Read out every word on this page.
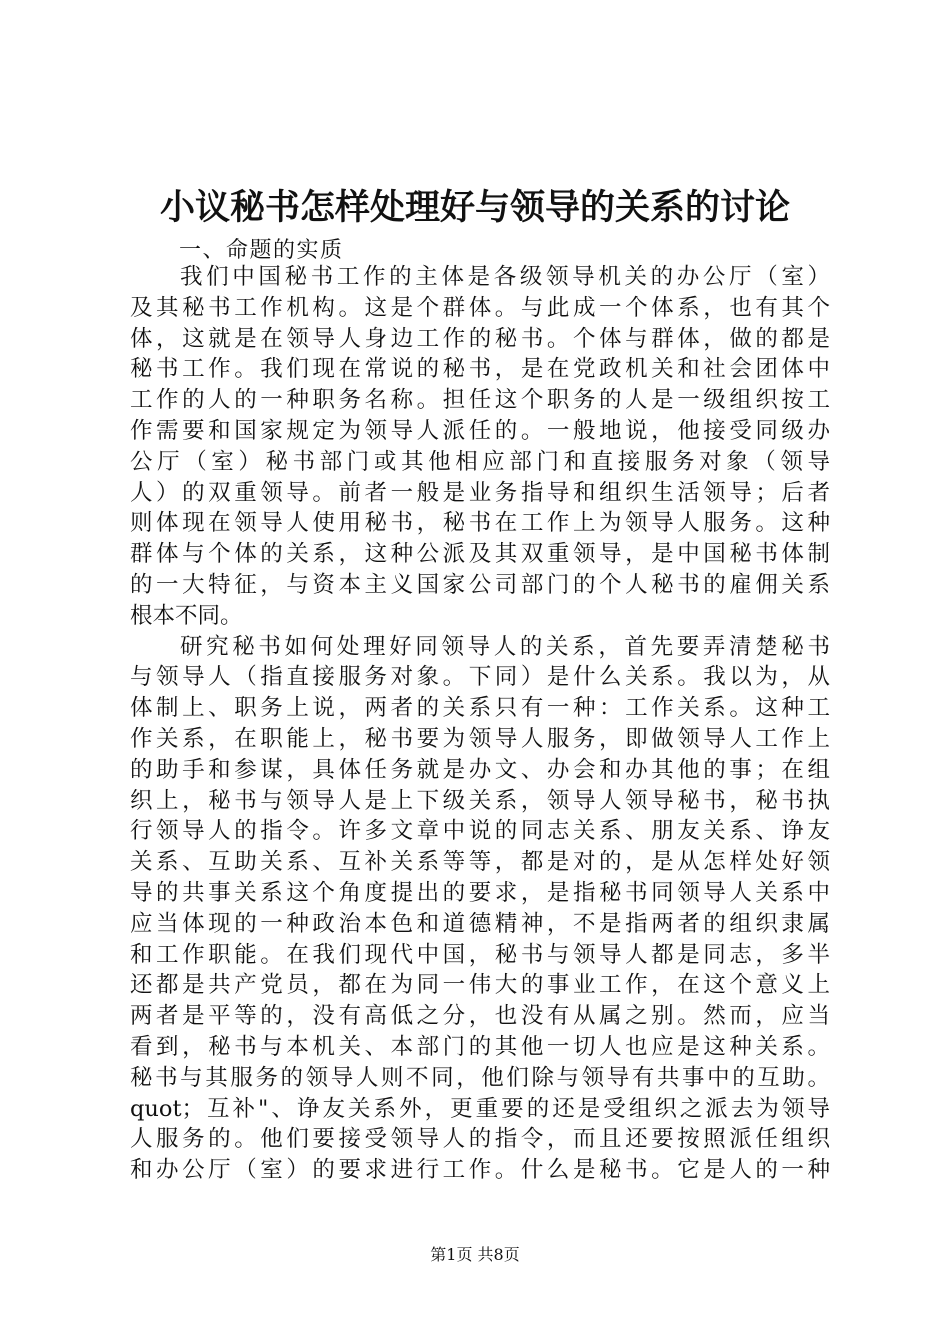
小议秘书怎样处理好与领导的关系的讨论
一、命题的实质
我们中国秘书工作的主体是各级领导机关的办公厅（室）
及其秘书工作机构。这是个群体。与此成一个体系，也有其个
体，这就是在领导人身边工作的秘书。个体与群体，做的都是
秘书工作。我们现在常说的秘书，是在党政机关和社会团体中
工作的人的一种职务名称。担任这个职务的人是一级组织按工
作需要和国家规定为领导人派任的。一般地说，他接受同级办
公厅（室）秘书部门或其他相应部门和直接服务对象（领导
人）的双重领导。前者一般是业务指导和组织生活领导；后者
则体现在领导人使用秘书，秘书在工作上为领导人服务。这种
群体与个体的关系，这种公派及其双重领导，是中国秘书体制
的一大特征，与资本主义国家公司部门的个人秘书的雇佣关系
根本不同。
研究秘书如何处理好同领导人的关系，首先要弄清楚秘书
与领导人（指直接服务对象。下同）是什么关系。我以为，从
体制上、职务上说，两者的关系只有一种：工作关系。这种工
作关系，在职能上，秘书要为领导人服务，即做领导人工作上
的助手和参谋，具体任务就是办文、办会和办其他的事；在组
织上，秘书与领导人是上下级关系，领导人领导秘书，秘书执
行领导人的指令。许多文章中说的同志关系、朋友关系、诤友
关系、互助关系、互补关系等等，都是对的，是从怎样处好领
导的共事关系这个角度提出的要求，是指秘书同领导人关系中
应当体现的一种政治本色和道德精神，不是指两者的组织隶属
和工作职能。在我们现代中国，秘书与领导人都是同志，多半
还都是共产党员，都在为同一伟大的事业工作，在这个意义上
两者是平等的，没有高低之分，也没有从属之别。然而，应当
看到，秘书与本机关、本部门的其他一切人也应是这种关系。
秘书与其服务的领导人则不同，他们除与领导有共事中的互助。
quot；互补"、诤友关系外，更重要的还是受组织之派去为领导
人服务的。他们要接受领导人的指令，而且还要按照派任组织
和办公厅（室）的要求进行工作。什么是秘书。它是人的一种
第1页 共8页
